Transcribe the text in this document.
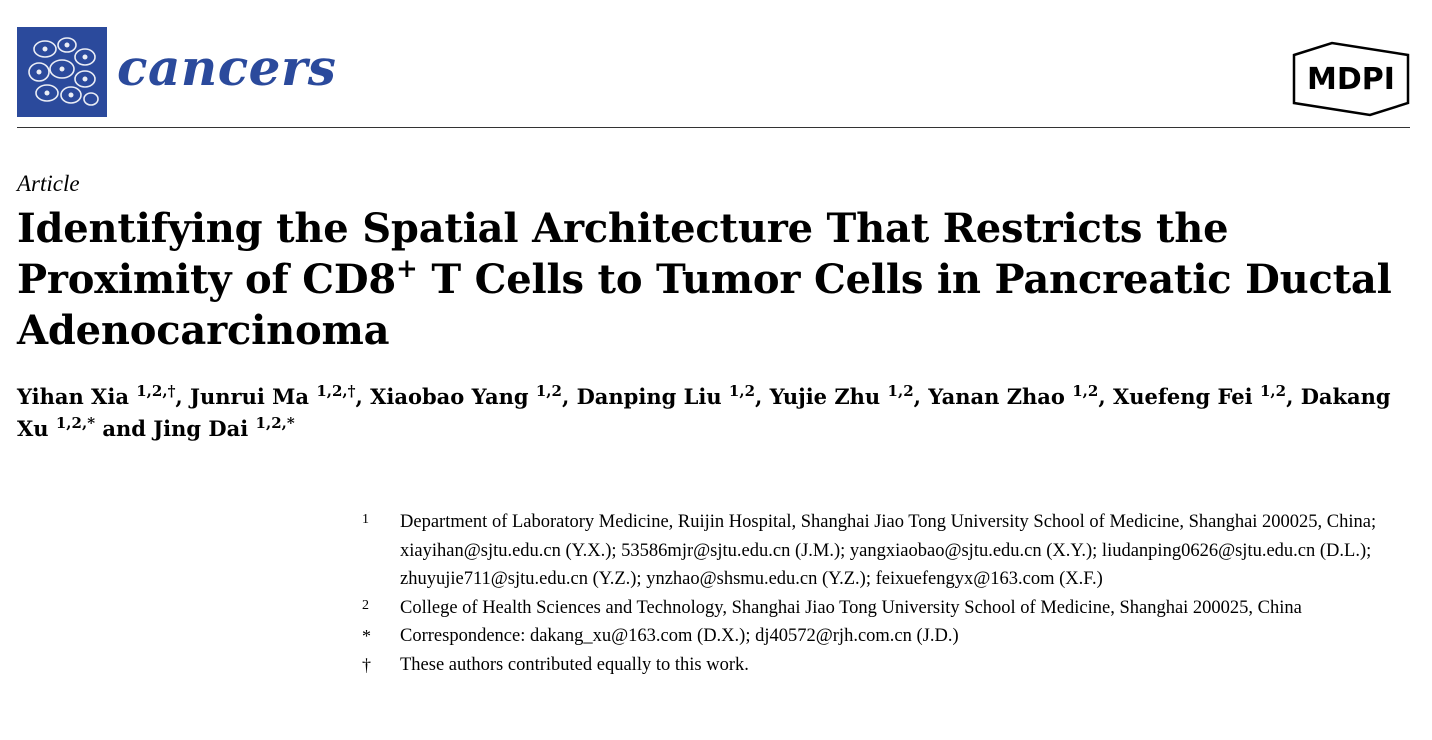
cancers	MDPI
Article
Identifying the Spatial Architecture That Restricts the Proximity of CD8+ T Cells to Tumor Cells in Pancreatic Ductal Adenocarcinoma
Yihan Xia $^{1,2,\dagger}$, Junrui Ma $^{1,2,\dagger}$, Xiaobao Yang $^{1,2}$, Danping Liu $^{1,2}$, Yujie Zhu $^{1,2}$, Yanan Zhao $^{1,2}$, Xuefeng Fei $^{1,2}$, Dakang Xu $^{1,2,*}$ and Jing Dai $^{1,2,*}$
1 Department of Laboratory Medicine, Ruijin Hospital, Shanghai Jiao Tong University School of Medicine, Shanghai 200025, China; xiayihan@sjtu.edu.cn (Y.X.); 53586mjr@sjtu.edu.cn (J.M.); yangxiaobao@sjtu.edu.cn (X.Y.); liudanping0626@sjtu.edu.cn (D.L.); zhuyujie711@sjtu.edu.cn (Y.Z.); ynzhao@shsmu.edu.cn (Y.Z.); feixuefengyx@163.com (X.F.)
2 College of Health Sciences and Technology, Shanghai Jiao Tong University School of Medicine, Shanghai 200025, China
* Correspondence: dakang_xu@163.com (D.X.); dj40572@rjh.com.cn (J.D.)
† These authors contributed equally to this work.
